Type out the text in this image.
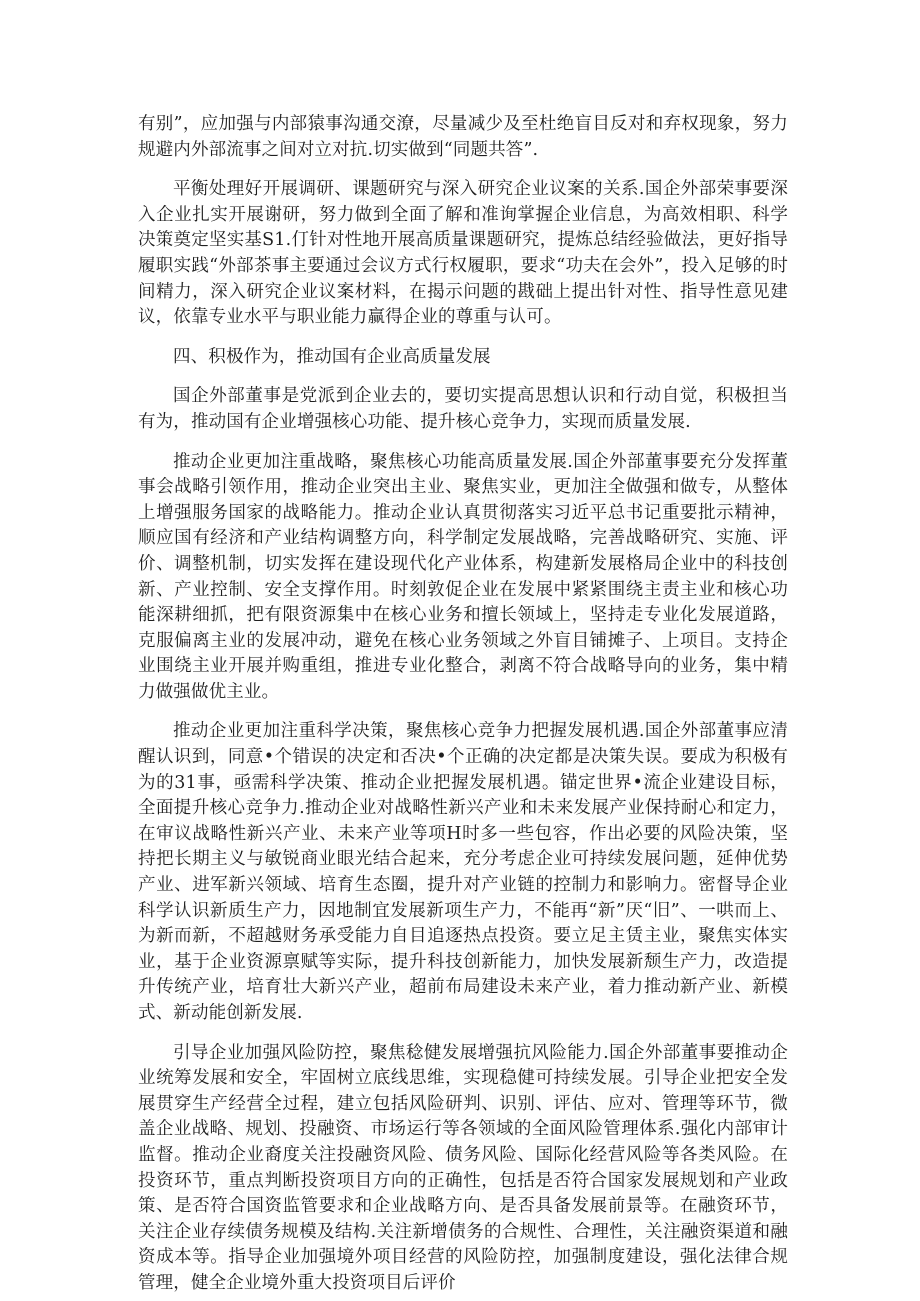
有别”，应加强与内部猿事沟通交潦，尽量减少及至杜绝盲目反对和弃权现象，努力规避内外部流事之间对立对抗.切实做到“同题共答”.

平衡处理好开展调研、课题研究与深入研究企业议案的关系.国企外部荣事要深入企业扎实开展谢研，努力做到全面了解和准询掌握企业信息，为高效相职、科学决策奠定坚实基S1.仃针对性地开展高质量课题研究，提炼总结经验做法，更好指导履职实践“外部茶事主要通过会议方式行权履职，要求“功夫在会外”，投入足够的时间精力，深入研究企业议案材料，在揭示问题的戡础上提出针对性、指导性意见建议，依靠专业水平与职业能力赢得企业的尊重与认可。

四、积极作为，推动国有企业高质量发展

国企外部董事是党派到企业去的，要切实提高思想认识和行动自觉，积极担当有为，推动国有企业增强核心功能、提升核心竞争力，实现而质量发展.

推动企业更加注重战略，聚焦核心功能高质量发展.国企外部董事要充分发挥董事会战略引领作用，推动企业突出主业、聚焦实业，更加注全做强和做专，从整体上增强服务国家的战略能力。推动企业认真贯彻落实习近平总书记重要批示精神，顺应国有经济和产业结构调整方向，科学制定发展战略，完善战略研究、实施、评价、调整机制，切实发挥在建设现代化产业体系，构建新发展格局企业中的科技创新、产业控制、安全支撑作用。时刻敦促企业在发展中紧紧围绕主责主业和核心功能深耕细抓，把有限资源集中在核心业务和擅长领域上，坚持走专业化发展道路，克服偏离主业的发展冲动，避免在核心业务领域之外盲目铺摊子、上项目。支持企业围绕主业开展并购重组，推进专业化整合，剥离不符合战略导向的业务，集中精力做强做优主业。

推动企业更加注重科学决策，聚焦核心竞争力把握发展机遇.国企外部董事应清醒认识到，同意•个错误的决定和否决•个正确的决定都是决策失误。要成为积极有为的31事，亟需科学决策、推动企业把握发展机遇。锚定世界•流企业建设目标，全面提升核心竞争力.推动企业对战略性新兴产业和未来发展产业保持耐心和定力，在审议战略性新兴产业、未来产业等项H时多一些包容，作出必要的风险决策，坚持把长期主义与敏锐商业眼光结合起来，充分考虑企业可持续发展问题，延伸优势产业、进军新兴领域、培育生态圈，提升对产业链的控制力和影响力。密督导企业科学认识新质生产力，因地制宜发展新项生产力，不能再“新”厌“旧”、一哄而上、为新而新，不超越财务承受能力自目追逐热点投资。要立足主赁主业，聚焦实体实业，基于企业资源禀赋等实际，提升科技创新能力，加快发展新颓生产力，改造提升传统产业，培育壮大新兴产业，超前布局建设未来产业，着力推动新产业、新模式、新动能创新发展.

引导企业加强风险防控，聚焦稔健发展增强抗风险能力.国企外部董事要推动企业统筹发展和安全，牢固树立底线思维，实现稳健可持续发展。引导企业把安全发展贯穿生产经营全过程，建立包括风险研判、识别、评估、应对、管理等环节，微盖企业战略、规划、投融资、市场运行等各领域的全面风险管理体系.强化内部审计监督。推动企业裔度关注投融资风险、债务风险、国际化经营风险等各类风险。在投资环节，重点判断投资项目方向的正确性，包括是否符合国家发展规划和产业政策、是否符合国资监管要求和企业战略方向、是否具备发展前景等。在融资环节，关注企业存续债务规模及结构.关注新增债务的合规性、合理性，关注融资渠道和融资成本等。指导企业加强境外项目经营的风险防控，加强制度建设，强化法律合规管理，健全企业境外重大投资项目后评价
